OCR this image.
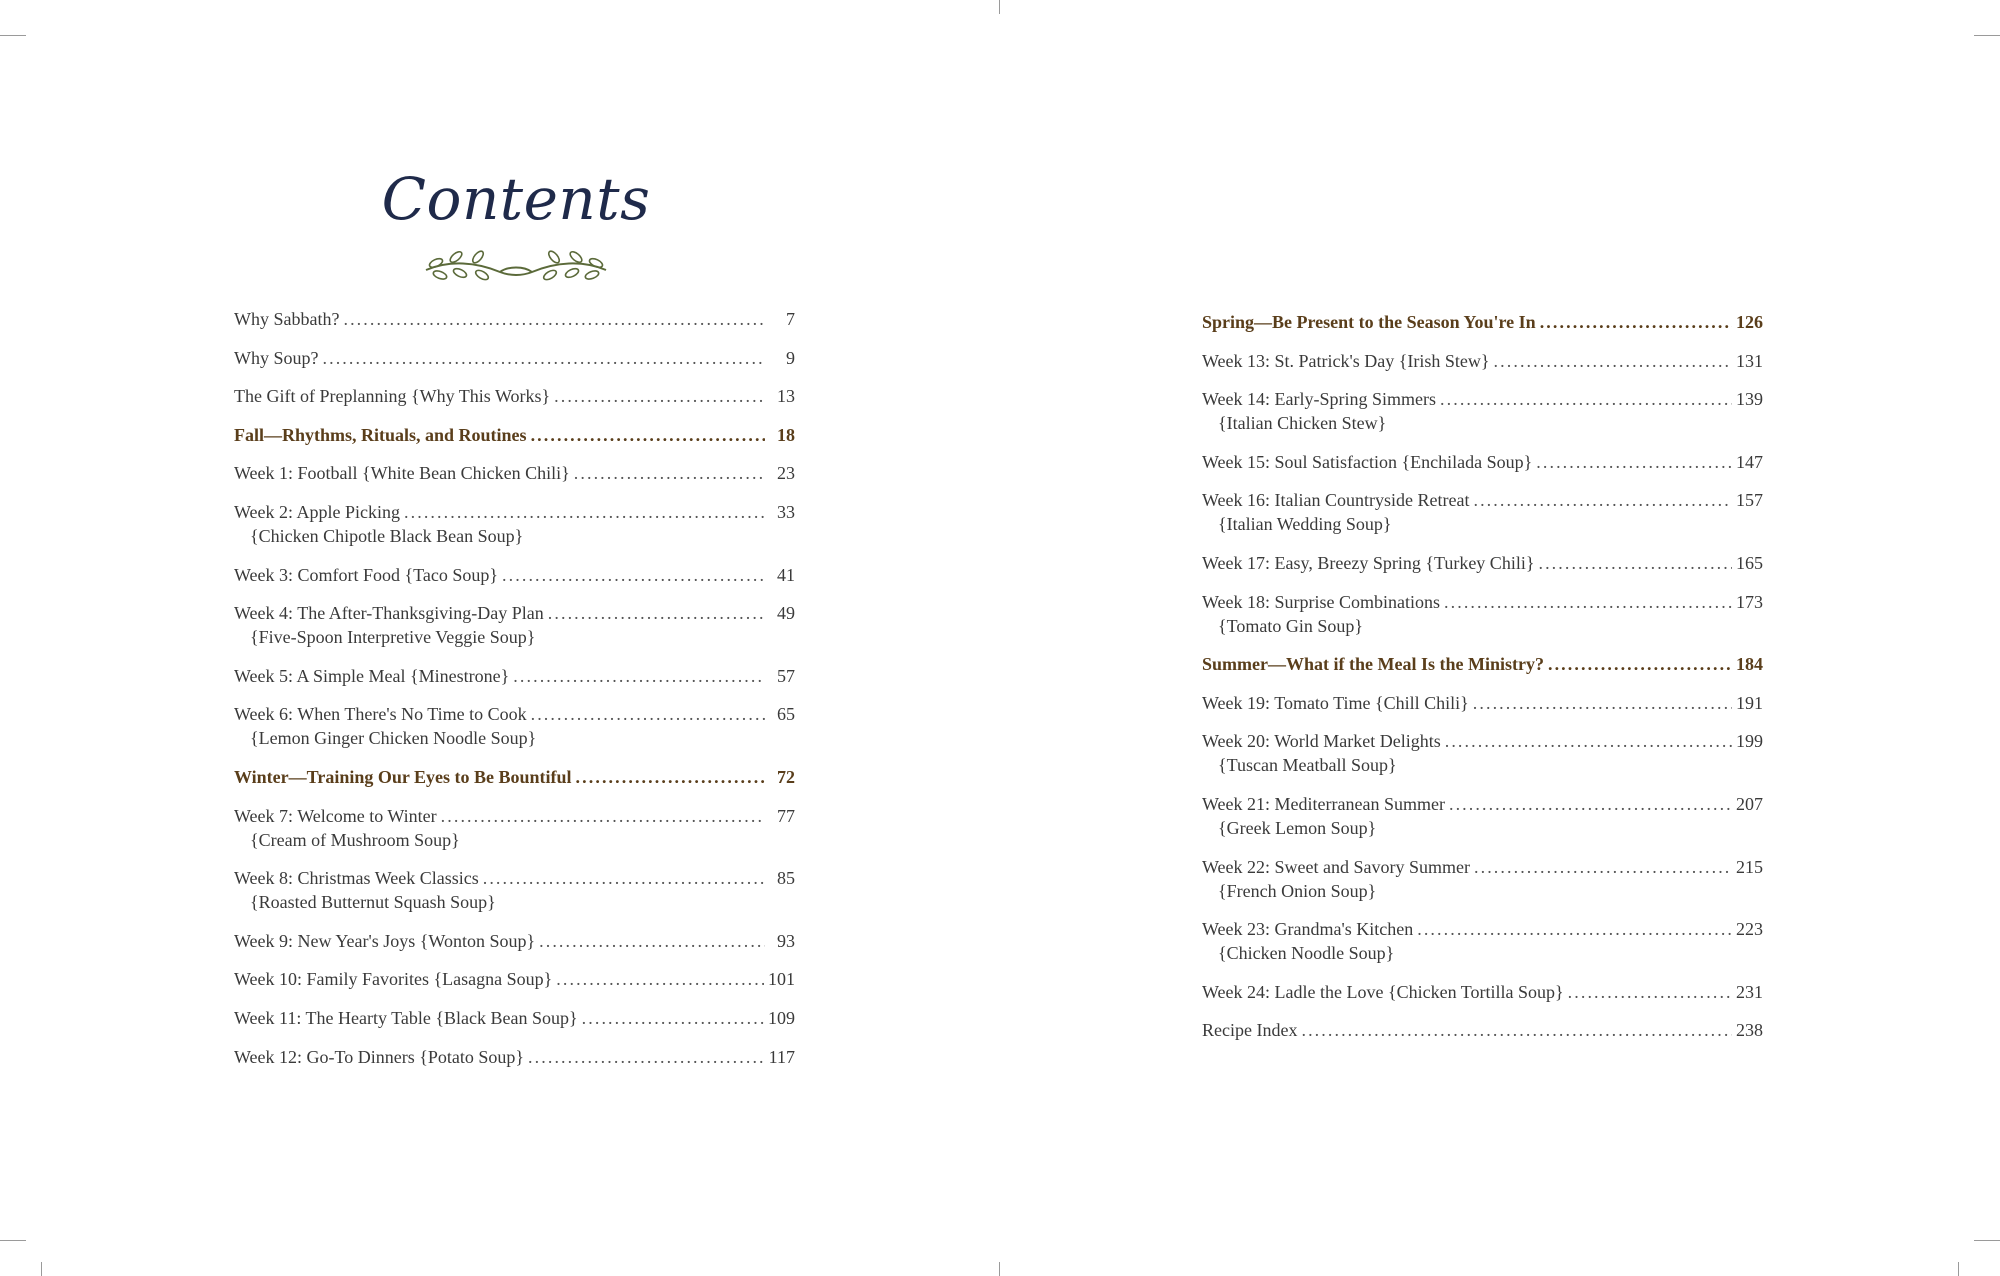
Contents
Why Sabbath? . . .	7
Why Soup? . . .	9
The Gift of Preplanning {Why This Works} . . .	13
Fall—Rhythms, Rituals, and Routines . . .	18
Week 1: Football {White Bean Chicken Chili} . . .	23
Week 2: Apple Picking . . .	33
{Chicken Chipotle Black Bean Soup}
Week 3: Comfort Food {Taco Soup} . . .	41
Week 4: The After-Thanksgiving-Day Plan . . .	49
{Five-Spoon Interpretive Veggie Soup}
Week 5: A Simple Meal {Minestrone} . . .	57
Week 6: When There's No Time to Cook . . .	65
{Lemon Ginger Chicken Noodle Soup}
Winter—Training Our Eyes to Be Bountiful . . .	72
Week 7: Welcome to Winter . . .	77
{Cream of Mushroom Soup}
Week 8: Christmas Week Classics . . .	85
{Roasted Butternut Squash Soup}
Week 9: New Year's Joys {Wonton Soup} . . .	93
Week 10: Family Favorites {Lasagna Soup} . . .	101
Week 11: The Hearty Table {Black Bean Soup} . . .	109
Week 12: Go-To Dinners {Potato Soup} . . .	117
Spring—Be Present to the Season You're In . . .	126
Week 13: St. Patrick's Day {Irish Stew} . . .	131
Week 14: Early-Spring Simmers . . .	139
{Italian Chicken Stew}
Week 15: Soul Satisfaction {Enchilada Soup} . . .	147
Week 16: Italian Countryside Retreat . . .	157
{Italian Wedding Soup}
Week 17: Easy, Breezy Spring {Turkey Chili} . . .	165
Week 18: Surprise Combinations . . .	173
{Tomato Gin Soup}
Summer—What if the Meal Is the Ministry? . . .	184
Week 19: Tomato Time {Chill Chili} . . .	191
Week 20: World Market Delights . . .	199
{Tuscan Meatball Soup}
Week 21: Mediterranean Summer . . .	207
{Greek Lemon Soup}
Week 22: Sweet and Savory Summer . . .	215
{French Onion Soup}
Week 23: Grandma's Kitchen . . .	223
{Chicken Noodle Soup}
Week 24: Ladle the Love {Chicken Tortilla Soup} . . .	231
Recipe Index . . .	238
